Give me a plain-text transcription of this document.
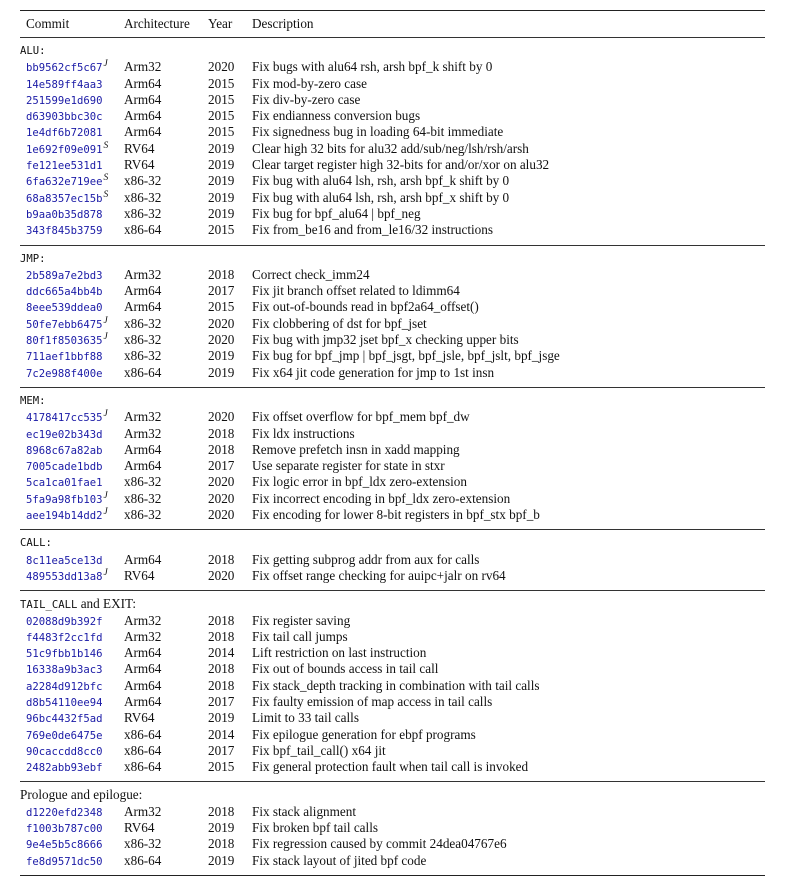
Commit	Architecture Year Description
ALU:
$bb9562cf5c67^J$ Arm32	2020 Fix bugs with alu64 rsh, arsh bpf_k shift by 0
14e589ff4aa3 Arm64	2015 Fix mod-by-zero case
251599e1d690 Arm64	2015 Fix div-by-zero case
d63903bbc30c Arm64	2015 Fix endianness conversion bugs
1e4df6b72081 Arm64	2015 Fix signedness bug in loading 64-bit immediate
$1e692f09e091^S$ RV64	2019 Clear high 32 bits for alu32 add/sub/neg/lsh/rsh/arsh
fe121ee531d1 RV64	2019 Clear target register high 32-bits for and/or/xor on alu32
$6fa632e719ee^S$ x86-32	2019 Fix bug with alu64 lsh, rsh, arsh bpf_k shift by 0
$68a8357ec15b^S$ x86-32	2019 Fix bug with alu64 lsh, rsh, arsh bpf_x shift by 0
b9aa0b35d878 x86-32	2019 Fix bug for bpf_alu64 | bpf_neg
343f845b3759 x86-64	2015 Fix from_be16 and from_le16/32 instructions
JMP:
2b589a7e2bd3 Arm32	2018 Correct check_imm24
ddc665a4bb4b Arm64	2017 Fix jit branch offset related to ldimm64
8eee539ddea0 Arm64	2015 Fix out-of-bounds read in bpf2a64_offset()
$50fe7ebb6475^J$ x86-32	2020 Fix clobbering of dst for bpf_jset
$80f1f8503635^J$ x86-32	2020 Fix bug with jmp32 jset bpf_x checking upper bits
711aef1bbf88 x86-32	2019 Fix bug for bpf_jmp | bpf_jsgt, bpf_jsle, bpf_jslt, bpf_jsge
7c2e988f400e x86-64	2019 Fix x64 jit code generation for jmp to 1st insn
MEM:
$4178417cc535^J$ Arm32	2020 Fix offset overflow for bpf_mem bpf_dw
ec19e02b343d Arm32	2018 Fix ldx instructions
8968c67a82ab Arm64	2018 Remove prefetch insn in xadd mapping
7005cade1bdb Arm64	2017 Use separate register for state in stxr
5ca1ca01fae1 x86-32	2020 Fix logic error in bpf_ldx zero-extension
$5fa9a98fb103^J$ x86-32	2020 Fix incorrect encoding in bpf_ldx zero-extension
$aee194b14dd2^J$ x86-32	2020 Fix encoding for lower 8-bit registers in bpf_stx bpf_b
CALL:
8c11ea5ce13d Arm64	2018 Fix getting subprog addr from aux for calls
$489553dd13a8^J$ RV64	2020 Fix offset range checking for auipc+jalr on rv64
TAIL_CALL and EXIT:
02088d9b392f Arm32	2018 Fix register saving
f4483f2cc1fd Arm32	2018 Fix tail call jumps
51c9fbb1b146 Arm64	2014 Lift restriction on last instruction
16338a9b3ac3 Arm64	2018 Fix out of bounds access in tail call
a2284d912bfc Arm64	2018 Fix stack_depth tracking in combination with tail calls
d8b54110ee94 Arm64	2017 Fix faulty emission of map access in tail calls
96bc4432f5ad RV64	2019 Limit to 33 tail calls
769e0de6475e x86-64	2014 Fix epilogue generation for ebpf programs
90caccdd8cc0 x86-64	2017 Fix bpf_tail_call() x64 jit
2482abb93ebf x86-64	2015 Fix general protection fault when tail call is invoked
Prologue and epilogue:
d1220efd2348 Arm32	2018 Fix stack alignment
f1003b787c00 RV64	2019 Fix broken bpf tail calls
9e4e5b5c8666 x86-32	2018 Fix regression caused by commit 24dea04767e6
fe8d9571dc50 x86-64	2019 Fix stack layout of jited bpf code
